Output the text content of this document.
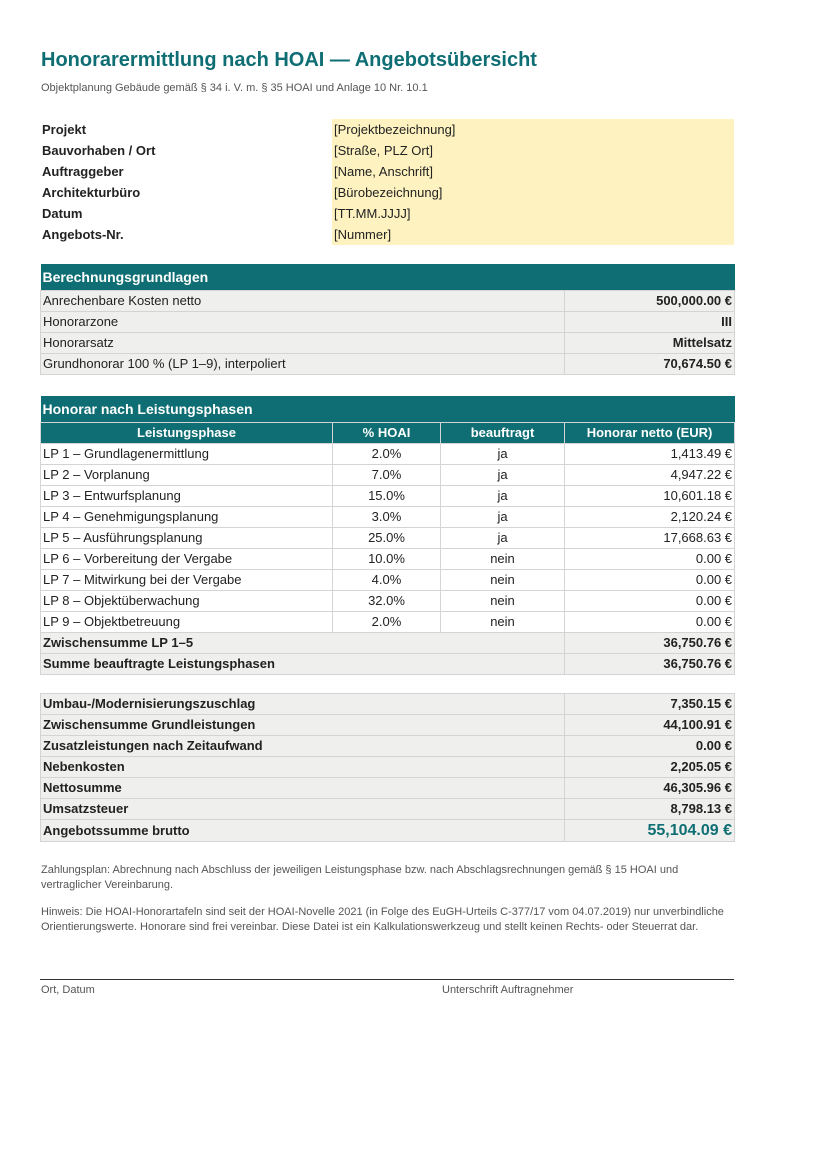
Honorarermittlung nach HOAI — Angebotsübersicht
Objektplanung Gebäude gemäß § 34 i. V. m. § 35 HOAI und Anlage 10 Nr. 10.1
Projekt	[Projektbezeichnung]
Bauvorhaben / Ort	[Straße, PLZ Ort]
Auftraggeber	[Name, Anschrift]
Architekturbüro	[Bürobezeichnung]
Datum	[TT.MM.JJJJ]
Angebots-Nr.	[Nummer]
Berechnungsgrundlagen	
Anrechenbare Kosten netto	500,000.00 €
Honorarzone	III
Honorarsatz	Mittelsatz
Grundhonorar 100 % (LP 1–9), interpoliert	70,674.50 €
Honorar nach Leistungsphasen			
Leistungsphase	% HOAI	beauftragt	Honorar netto (EUR)
LP 1 – Grundlagenermittlung	2.0%	ja	1,413.49 €
LP 2 – Vorplanung	7.0%	ja	4,947.22 €
LP 3 – Entwurfsplanung	15.0%	ja	10,601.18 €
LP 4 – Genehmigungsplanung	3.0%	ja	2,120.24 €
LP 5 – Ausführungsplanung	25.0%	ja	17,668.63 €
LP 6 – Vorbereitung der Vergabe	10.0%	nein	0.00 €
LP 7 – Mitwirkung bei der Vergabe	4.0%	nein	0.00 €
LP 8 – Objektüberwachung	32.0%	nein	0.00 €
LP 9 – Objektbetreuung	2.0%	nein	0.00 €
Zwischensumme LP 1–5			36,750.76 €
Summe beauftragte Leistungsphasen			36,750.76 €
Umbau-/Modernisierungszuschlag	7,350.15 €
Zwischensumme Grundleistungen	44,100.91 €
Zusatzleistungen nach Zeitaufwand	0.00 €
Nebenkosten	2,205.05 €
Nettosumme	46,305.96 €
Umsatzsteuer	8,798.13 €
Angebotssumme brutto	55,104.09 €
Zahlungsplan: Abrechnung nach Abschluss der jeweiligen Leistungsphase bzw. nach Abschlagsrechnungen gemäß § 15 HOAI und vertraglicher Vereinbarung.
Hinweis: Die HOAI-Honorartafeln sind seit der HOAI-Novelle 2021 (in Folge des EuGH-Urteils C-377/17 vom 04.07.2019) nur unverbindliche Orientierungswerte. Honorare sind frei vereinbar. Diese Datei ist ein Kalkulationswerkzeug und stellt keinen Rechts- oder Steuerrat dar.
Ort, Datum	Unterschrift Auftragnehmer
